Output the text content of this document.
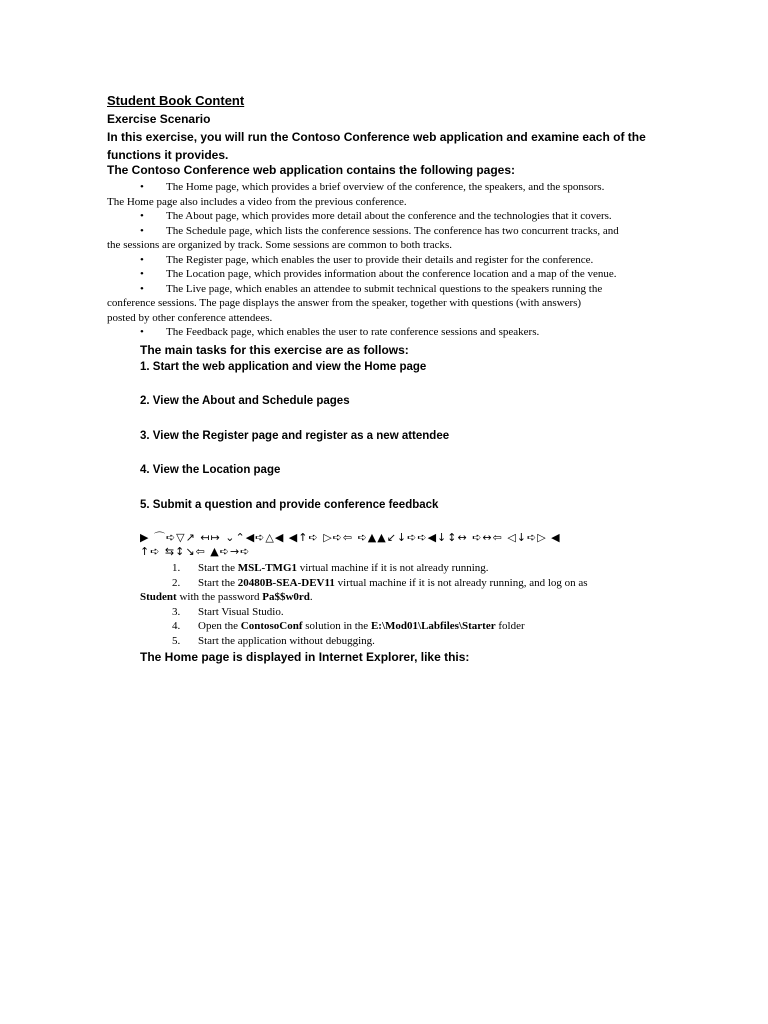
Student Book Content
Exercise Scenario
In this exercise, you will run the Contoso Conference web application and examine each of the functions it provides.
The Contoso Conference web application contains the following pages:
• The Home page, which provides a brief overview of the conference, the speakers, and the sponsors.
The Home page also includes a video from the previous conference.
• The About page, which provides more detail about the conference and the technologies that it covers.
• The Schedule page, which lists the conference sessions. The conference has two concurrent tracks, and
the sessions are organized by track. Some sessions are common to both tracks.
• The Register page, which enables the user to provide their details and register for the conference.
• The Location page, which provides information about the conference location and a map of the venue.
• The Live page, which enables an attendee to submit technical questions to the speakers running the
conference sessions. The page displays the answer from the speaker, together with questions (with answers)
posted by other conference attendees.
• The Feedback page, which enables the user to rate conference sessions and speakers.
The main tasks for this exercise are as follows:
1. Start the web application and view the Home page
2. View the About and Schedule pages
3. View the Register page and register as a new attendee
4. View the Location page
5. Submit a question and provide conference feedback
▶ ⌒➪▽↗ ↤↦ ⌄⌃◀➪△◀ ◀↑➪ ▷➪⇦ ➪▲▲↙↓➪➪◀↓↕↔ ➪↔⇦ ◁↓➪▷ ◀
↑➪ ⇆↕↘⇦ ▲➪→➪
1. Start the MSL-TMG1 virtual machine if it is not already running.
2. Start the 20480B-SEA-DEV11 virtual machine if it is not already running, and log on as
Student with the password Pa$$w0rd.
3. Start Visual Studio.
4. Open the ContosoConf solution in the E:\Mod01\Labfiles\Starter folder
5. Start the application without debugging.
The Home page is displayed in Internet Explorer, like this:
